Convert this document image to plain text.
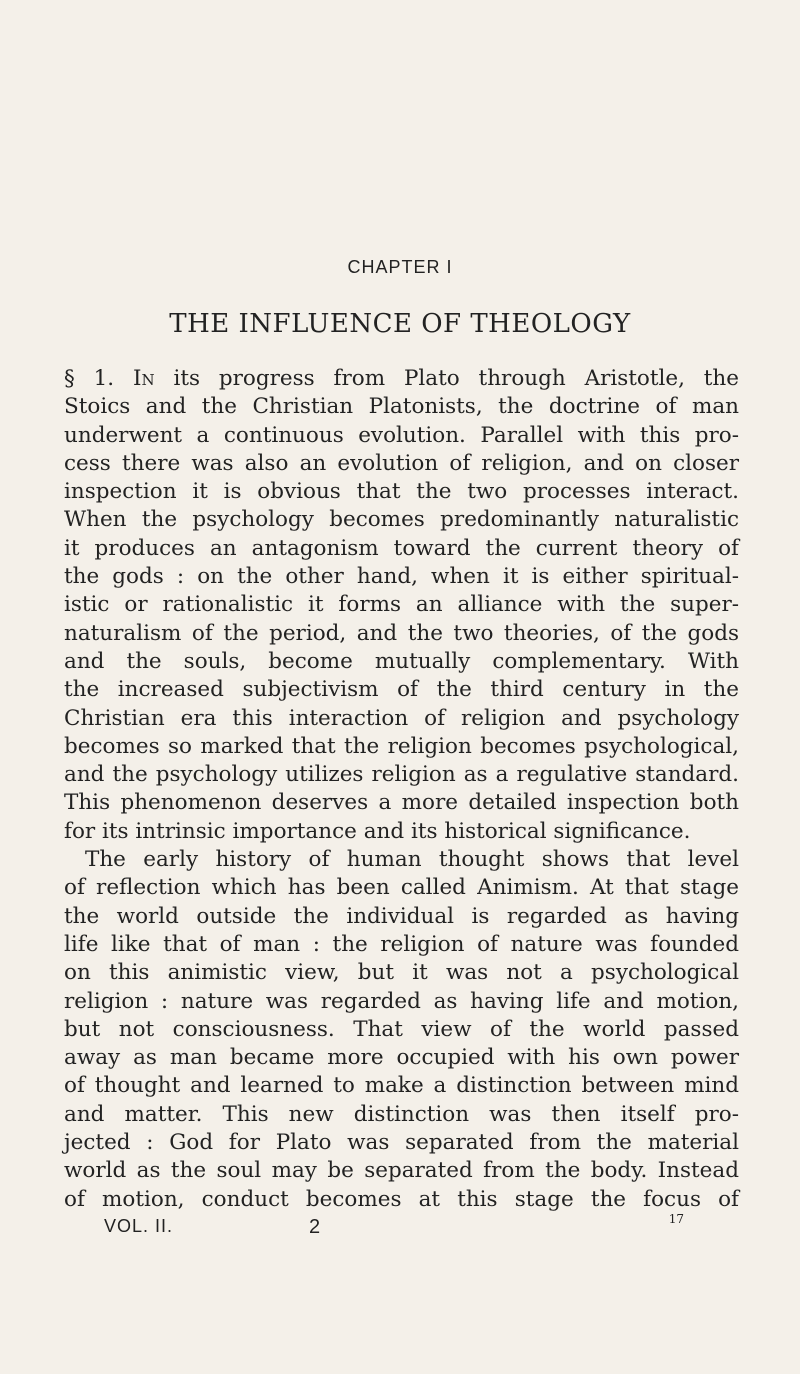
CHAPTER I
THE INFLUENCE OF THEOLOGY

§ 1. In its progress from Plato through Aristotle, the

Stoics and the Christian Platonists, the doctrine of man

underwent a continuous evolution. Parallel with this pro-

cess there was also an evolution of religion, and on closer

inspection it is obvious that the two processes interact.

When the psychology becomes predominantly naturalistic

it produces an antagonism toward the current theory of

the gods : on the other hand, when it is either spiritual-

istic or rationalistic it forms an alliance with the super-

naturalism of the period, and the two theories, of the gods

and the souls, become mutually complementary. With

the increased subjectivism of the third century in the

Christian era this interaction of religion and psychology

becomes so marked that the religion becomes psychological,

and the psychology utilizes religion as a regulative standard.

This phenomenon deserves a more detailed inspection both

for its intrinsic importance and its historical significance.

The early history of human thought shows that level

of reflection which has been called Animism. At that stage

the world outside the individual is regarded as having

life like that of man : the religion of nature was founded

on this animistic view, but it was not a psychological

religion : nature was regarded as having life and motion,

but not consciousness. That view of the world passed

away as man became more occupied with his own power

of thought and learned to make a distinction between mind

and matter. This new distinction was then itself pro-

jected : God for Plato was separated from the material

world as the soul may be separated from the body. Instead

of motion, conduct becomes at this stage the focus of

VOL. II.	2	17
